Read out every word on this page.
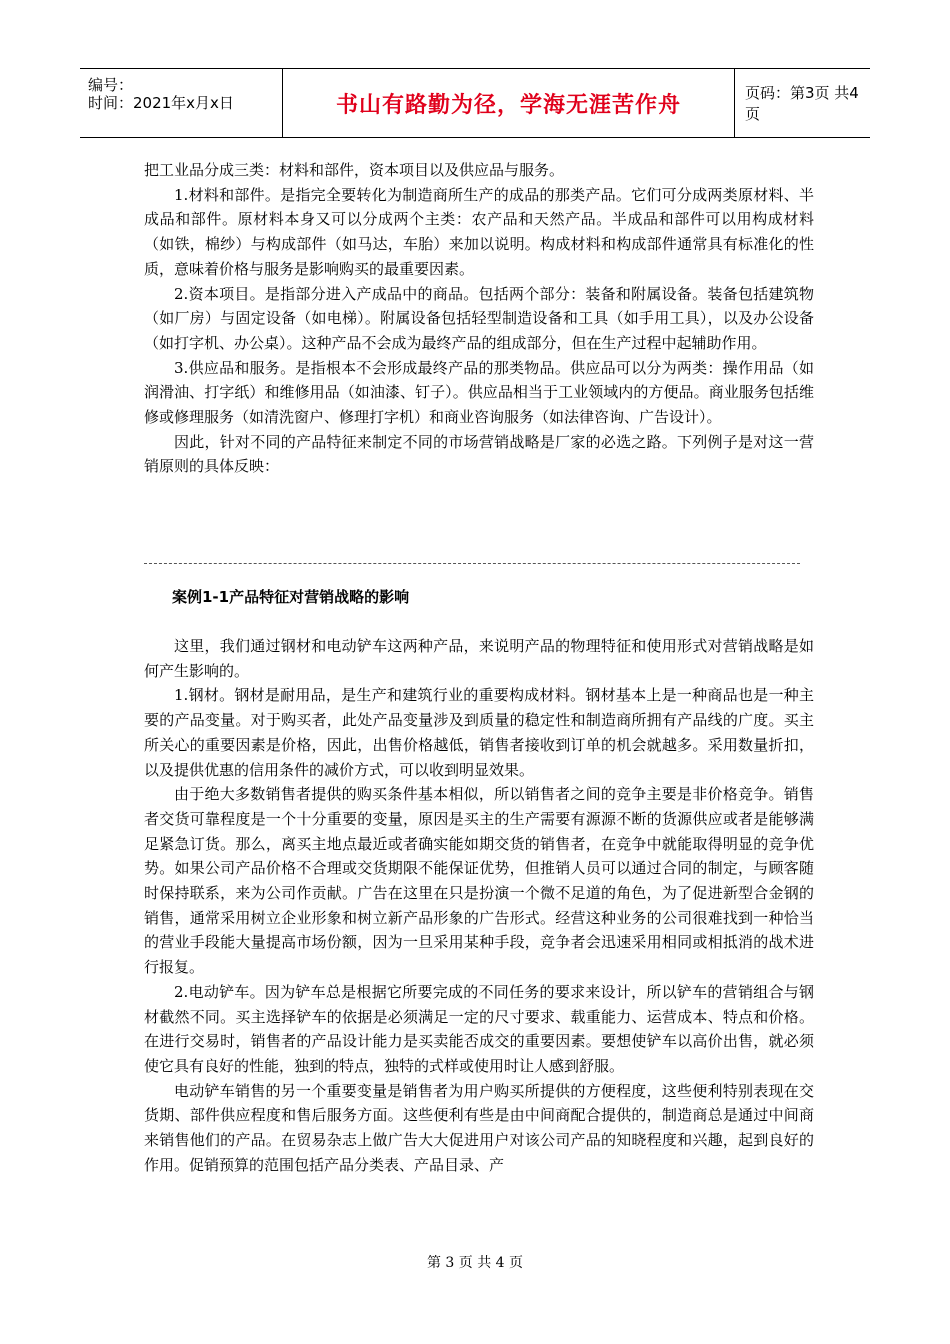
编号：
时间：2021年x月x日	书山有路勤为径，学海无涯苦作舟	页码：第3页 共4页

把工业品分成三类：材料和部件，资本项目以及供应品与服务。

1.材料和部件。是指完全要转化为制造商所生产的成品的那类产品。它们可分成两类原材料、半成品和部件。原材料本身又可以分成两个主类：农产品和天然产品。半成品和部件可以用构成材料（如铁，棉纱）与构成部件（如马达，车胎）来加以说明。构成材料和构成部件通常具有标准化的性质，意味着价格与服务是影响购买的最重要因素。

2.资本项目。是指部分进入产成品中的商品。包括两个部分：装备和附属设备。装备包括建筑物（如厂房）与固定设备（如电梯）。附属设备包括轻型制造设备和工具（如手用工具），以及办公设备（如打字机、办公桌）。这种产品不会成为最终产品的组成部分，但在生产过程中起辅助作用。

3.供应品和服务。是指根本不会形成最终产品的那类物品。供应品可以分为两类：操作用品（如润滑油、打字纸）和维修用品（如油漆、钉子）。供应品相当于工业领域内的方便品。商业服务包括维修或修理服务（如清洗窗户、修理打字机）和商业咨询服务（如法律咨询、广告设计）。

因此，针对不同的产品特征来制定不同的市场营销战略是厂家的必选之路。下列例子是对这一营销原则的具体反映：

案例1-1产品特征对营销战略的影响

这里，我们通过钢材和电动铲车这两种产品，来说明产品的物理特征和使用形式对营销战略是如何产生影响的。

1.钢材。钢材是耐用品，是生产和建筑行业的重要构成材料。钢材基本上是一种商品也是一种主要的产品变量。对于购买者，此处产品变量涉及到质量的稳定性和制造商所拥有产品线的广度。买主所关心的重要因素是价格，因此，出售价格越低，销售者接收到订单的机会就越多。采用数量折扣，以及提供优惠的信用条件的减价方式，可以收到明显效果。

由于绝大多数销售者提供的购买条件基本相似，所以销售者之间的竞争主要是非价格竞争。销售者交货可靠程度是一个十分重要的变量，原因是买主的生产需要有源源不断的货源供应或者是能够满足紧急订货。那么，离买主地点最近或者确实能如期交货的销售者，在竞争中就能取得明显的竞争优势。如果公司产品价格不合理或交货期限不能保证优势，但推销人员可以通过合同的制定，与顾客随时保持联系，来为公司作贡献。广告在这里在只是扮演一个微不足道的角色，为了促进新型合金钢的销售，通常采用树立企业形象和树立新产品形象的广告形式。经营这种业务的公司很难找到一种恰当的营业手段能大量提高市场份额，因为一旦采用某种手段，竞争者会迅速采用相同或相抵消的战术进行报复。

2.电动铲车。因为铲车总是根据它所要完成的不同任务的要求来设计，所以铲车的营销组合与钢材截然不同。买主选择铲车的依据是必须满足一定的尺寸要求、载重能力、运营成本、特点和价格。在进行交易时，销售者的产品设计能力是买卖能否成交的重要因素。要想使铲车以高价出售，就必须使它具有良好的性能，独到的特点，独特的式样或使用时让人感到舒服。

电动铲车销售的另一个重要变量是销售者为用户购买所提供的方便程度，这些便利特别表现在交货期、部件供应程度和售后服务方面。这些便利有些是由中间商配合提供的，制造商总是通过中间商来销售他们的产品。在贸易杂志上做广告大大促进用户对该公司产品的知晓程度和兴趣，起到良好的作用。促销预算的范围包括产品分类表、产品目录、产

第 3 页 共 4 页
